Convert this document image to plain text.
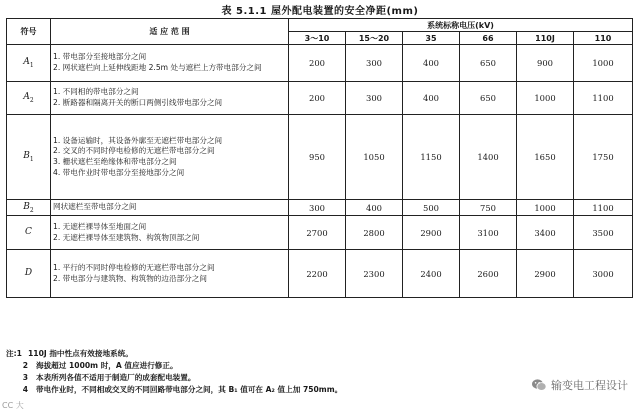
表 5.1.1 屋外配电装置的安全净距(mm)
符号	适 应 范 围	系统标称电压(kV)					
		3～10	15～20	35	66	110J	110
$A_1$	1. 带电部分至接地部分之间
2. 网状遮栏向上延伸线距地 2.5m 处与遮栏上方带电部分之间	200	300	400	650	900	1000
$A_2$	1. 不同相的带电部分之间
2. 断路器和隔离开关的断口两侧引线带电部分之间	200	300	400	650	1000	1100
$B_1$	1. 设备运输时，其设备外廓至无遮栏带电部分之间
2. 交叉的不同时停电检修的无遮栏带电部分之间
3. 栅状遮栏至绝缘体和带电部分之间
4. 带电作业时带电部分至接地部分之间	950	1050	1150	1400	1650	1750
$B_2$	网状遮栏至带电部分之间	300	400	500	750	1000	1100
C	1. 无遮栏裸导体至地面之间
2. 无遮栏裸导体至建筑物、构筑物顶部之间	2700	2800	2900	3100	3400	3500
D	1. 平行的不同时停电检修的无遮栏带电部分之间
2. 带电部分与建筑物、构筑物的边沿部分之间	2200	2300	2400	2600	2900	3000
注:1 110J 指中性点有效接地系统。
2	海拔超过 1000m 时，A 值应进行修正。
3	本表所列各值不适用于制造厂的成套配电装置。
4	带电作业时，不同相或交叉的不同回路带电部分之间，其 B₁ 值可在 A₂ 值上加 750mm。	输变电工程设计
CC 大
